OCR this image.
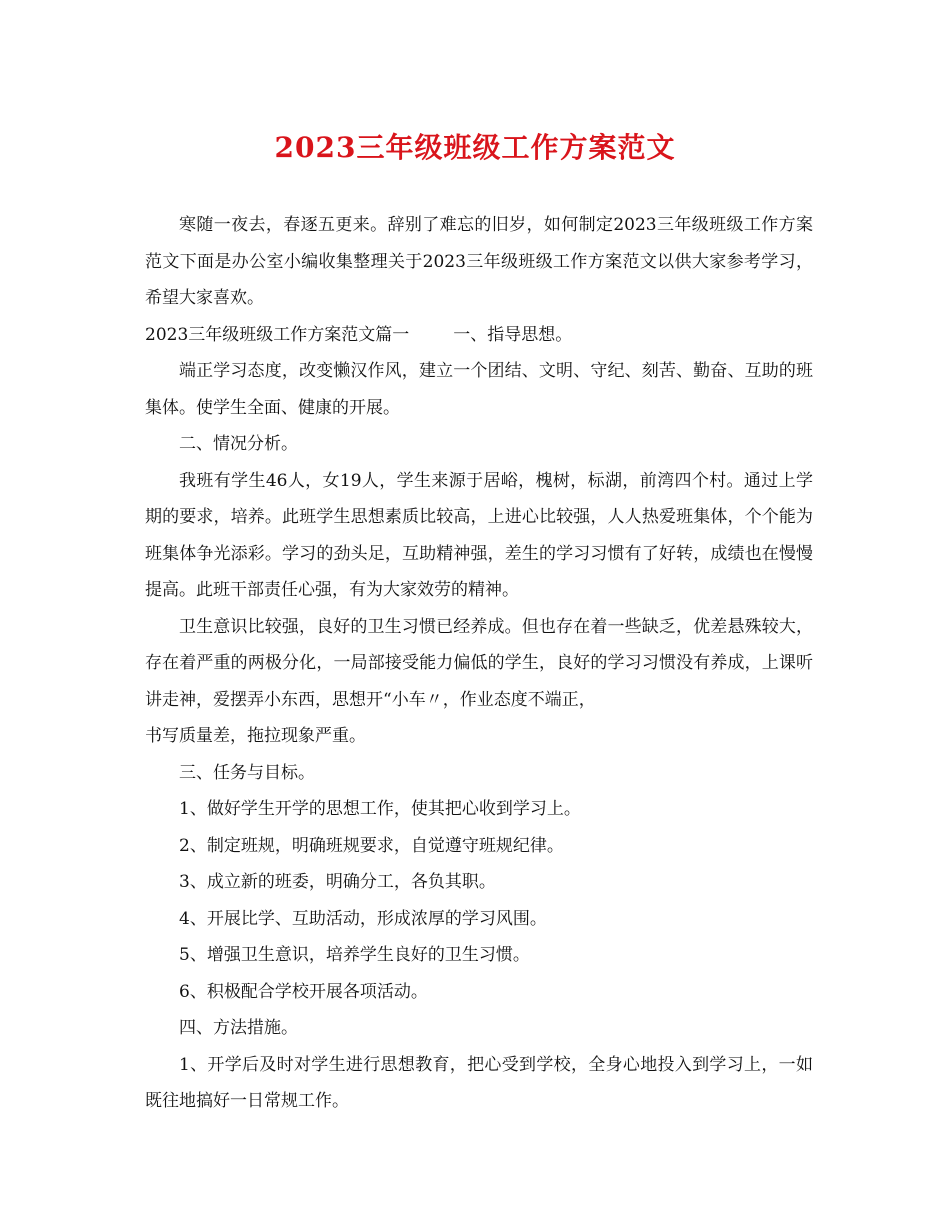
2023三年级班级工作方案范文

寒随一夜去，春逐五更来。辞别了难忘的旧岁，如何制定2023三年级班级工作方案范文下面是办公室小编收集整理关于2023三年级班级工作方案范文以供大家参考学习，希望大家喜欢。

2023三年级班级工作方案范文篇一	一、指导思想。

端正学习态度，改变懒汉作风，建立一个团结、文明、守纪、刻苦、勤奋、互助的班集体。使学生全面、健康的开展。

二、情况分析。

我班有学生46人，女19人，学生来源于居峪，槐树，标湖，前湾四个村。通过上学期的要求，培养。此班学生思想素质比较高，上进心比较强，人人热爱班集体，个个能为班集体争光添彩。学习的劲头足，互助精神强，差生的学习习惯有了好转，成绩也在慢慢提高。此班干部责任心强，有为大家效劳的精神。

卫生意识比较强，良好的卫生习惯已经养成。但也存在着一些缺乏，优差悬殊较大，存在着严重的两极分化，一局部接受能力偏低的学生，良好的学习习惯没有养成，上课听讲走神，爱摆弄小东西，思想开“小车〃，作业态度不端正，

书写质量差，拖拉现象严重。

三、任务与目标。

1、做好学生开学的思想工作，使其把心收到学习上。

2、制定班规，明确班规要求，自觉遵守班规纪律。

3、成立新的班委，明确分工，各负其职。

4、开展比学、互助活动，形成浓厚的学习风围。

5、增强卫生意识，培养学生良好的卫生习惯。

6、积极配合学校开展各项活动。

四、方法措施。

1、开学后及时对学生进行思想教育，把心受到学校，全身心地投入到学习上，一如既往地搞好一日常规工作。
